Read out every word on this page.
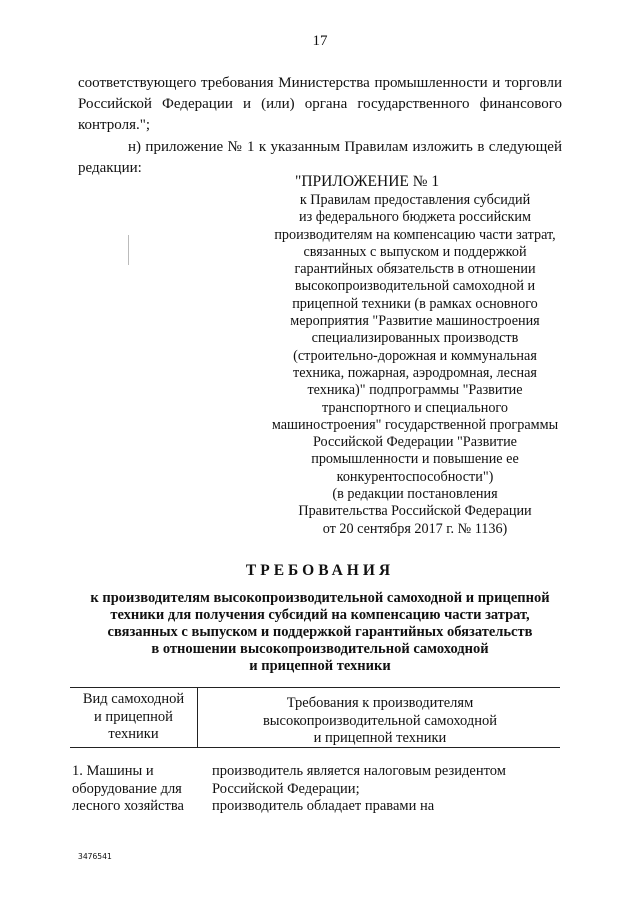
17
соответствующего требования Министерства промышленности и торговли
Российской Федерации и (или) органа государственного финансового
контроля.";
н) приложение № 1 к указанным Правилам изложить в следующей
редакции:
"ПРИЛОЖЕНИЕ № 1
к Правилам предоставления субсидий
из федерального бюджета российским
производителям на компенсацию части затрат,
связанных с выпуском и поддержкой
гарантийных обязательств в отношении
высокопроизводительной самоходной и
прицепной техники (в рамках основного
мероприятия "Развитие машиностроения
специализированных производств
(строительно-дорожная и коммунальная
техника, пожарная, аэродромная, лесная
техника)" подпрограммы "Развитие
транспортного и специального
машиностроения" государственной программы
Российской Федерации "Развитие
промышленности и повышение ее
конкурентоспособности")
(в редакции постановления
Правительства Российской Федерации
от 20 сентября 2017 г. № 1136)
ТРЕБОВАНИЯ
к производителям высокопроизводительной самоходной и прицепной
техники для получения субсидий на компенсацию части затрат,
связанных с выпуском и поддержкой гарантийных обязательств
в отношении высокопроизводительной самоходной
и прицепной техники
Вид самоходной
и прицепной
техники
Требования к производителям
высокопроизводительной самоходной
и прицепной техники
1. Машины и
оборудование для
лесного хозяйства
производитель является налоговым резидентом
Российской Федерации;
производитель обладает правами на
3476541
